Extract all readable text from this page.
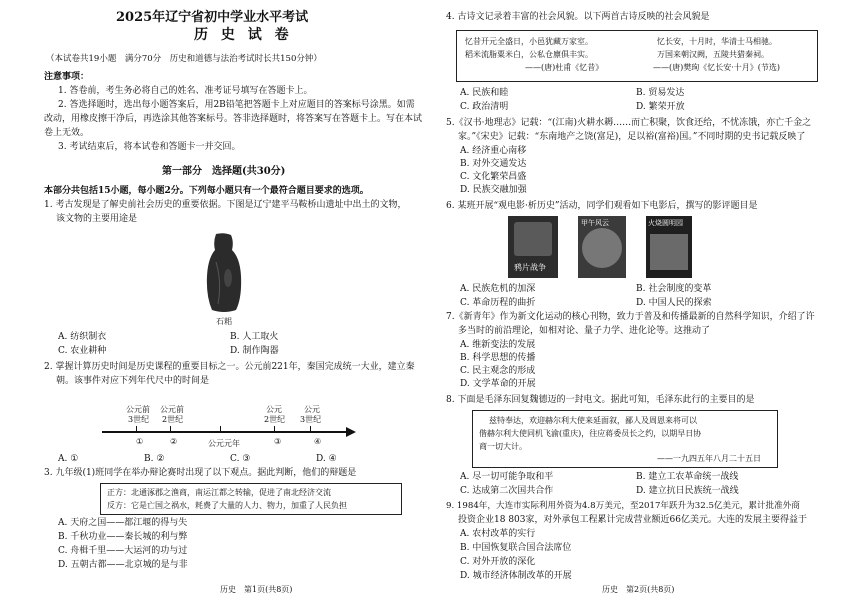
2025年辽宁省初中学业水平考试
历 史 试 卷
（本试卷共19小题　满分70分　历史和道德与法治考试时长共150分钟）
注意事项：
1. 答卷前，考生务必将自己的姓名、准考证号填写在答题卡上。
2. 答选择题时，选出每小题答案后，用2B铅笔把答题卡上对应题目的答案标号涂黑。如需
改动，用橡皮擦干净后，再选涂其他答案标号。答非选择题时，将答案写在答题卡上。写在本试
卷上无效。
3. 考试结束后，将本试卷和答题卡一并交回。
第一部分　选择题(共30分)
本部分共包括15小题，每小题2分。下列每小题只有一个最符合题目要求的选项。
1. 考古发现是了解史前社会历史的重要依据。下图是辽宁建平马鞍桥山遗址中出土的文物，
该文物的主要用途是
石耜
A. 纺织制衣	B. 人工取火
C. 农业耕种	D. 制作陶器
2. 掌握计算历史时间是历史课程的重要目标之一。公元前221年，秦国完成统一大业，建立秦
朝。该事件对应下列年代尺中的时间是
公元前
3世纪
公元前
2世纪
公元
2世纪
公元
3世纪
①	②	公元元年	③	④
A. ①	B. ②	C. ③	D. ④
3. 九年级(1)班同学在举办辩论赛时出现了以下观点。据此判断，他们的辩题是
正方：北通涿郡之渔商，南运江都之转输，促进了南北经济交流
反方：它是亡国之祸水，耗费了大量的人力、物力，加重了人民负担
A. 天府之国——都江堰的得与失
B. 千秋功业——秦长城的利与弊
C. 舟楫千里——大运河的功与过
D. 五朝古都——北京城的是与非
历史　第1页(共8页)
4. 古诗文记录着丰富的社会风貌。以下两首古诗反映的社会风貌是
忆昔开元全盛日，小邑犹藏万家室。
稻米流脂粟米白，公私仓廪俱丰实。
——(唐)杜甫《忆昔》
忆长安，十月时，华清士马相驰。
万国来朝汉阙，五陵共猎秦祠。
——(唐)樊珣《忆长安·十月》(节选)
A. 民族和睦	B. 贸易发达
C. 政治清明	D. 繁荣开放
5.《汉书·地理志》记载：“(江南)火耕水耨……而亡积聚，饮食还给，不忧冻饿，亦亡千金之
家。”《宋史》记载：“东南地产之饶(富足)，足以裕(富裕)国。”不同时期的史书记载反映了
A. 经济重心南移
B. 对外交通发达
C. 文化繁荣昌盛
D. 民族交融加强
6. 某班开展“观电影·析历史”活动，同学们观看如下电影后，撰写的影评题目是
鸦片战争
甲午风云	火烧圆明园
A. 民族危机的加深	B. 社会制度的变革
C. 革命历程的曲折	D. 中国人民的探索
7.《新青年》作为新文化运动的核心刊物，致力于普及和传播最新的自然科学知识，介绍了许
多当时的前沿理论，如相对论、量子力学、进化论等。这推动了
A. 维新变法的发展
B. 科学思想的传播
C. 民主观念的形成
D. 文学革命的开展
8. 下面是毛泽东回复魏德迈的一封电文。据此可知，毛泽东此行的主要目的是
兹特奉达，欢迎赫尔利大使来延面叙，鄙人及周恩来将可以
偕赫尔利大使同机飞渝(重庆)，往应蒋委员长之约，以期早日协
商一切大计。
——一九四五年八月二十五日
A. 尽一切可能争取和平	B. 建立工农革命统一战线
C. 达成第二次国共合作	D. 建立抗日民族统一战线
9. 1984年，大连市实际利用外资为4.8万美元，至2017年跃升为32.5亿美元，累计批准外商
投资企业18 803家，对外承包工程累计完成营业额近66亿美元。大连的发展主要得益于
A. 农村改革的实行
B. 中国恢复联合国合法席位
C. 对外开放的深化
D. 城市经济体制改革的开展
历史　第2页(共8页)
